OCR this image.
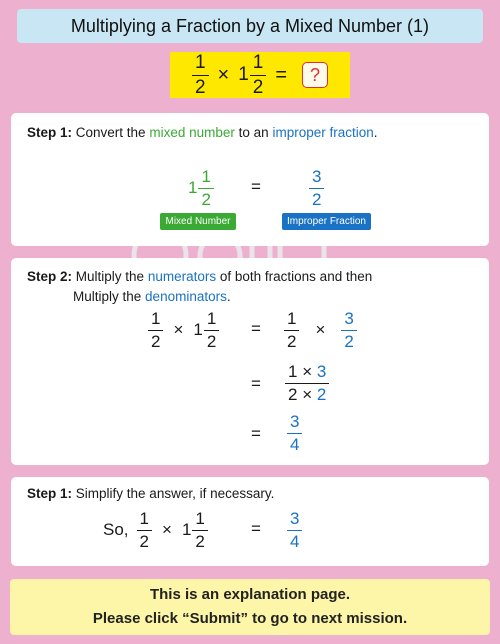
Multiplying a Fraction by a Mixed Number (1)
$\frac{1}{2} \times 1 \frac{1}{2}$ =	?
Step 1: Convert the mixed number to an improper fraction.
$1 \frac{1}{2}$ =	$\frac{3}{2}$
Mixed Number	Improper Fraction
Step 2: Multiply the numerators of both fractions and then
Multiply the denominators.
$\frac{1}{2} \times 1 \frac{1}{2} = \frac{1}{2} \times \frac{3}{2}$
= $\frac{1 \times 3}{2 \times 2}$
= $\frac{3}{4}$
Step 1: Simplify the answer, if necessary.
So, $\frac{1}{2} \times 1 \frac{1}{2}$	= $\frac{3}{4}$
This is an explanation page.
Please click “Submit” to go to next mission.
